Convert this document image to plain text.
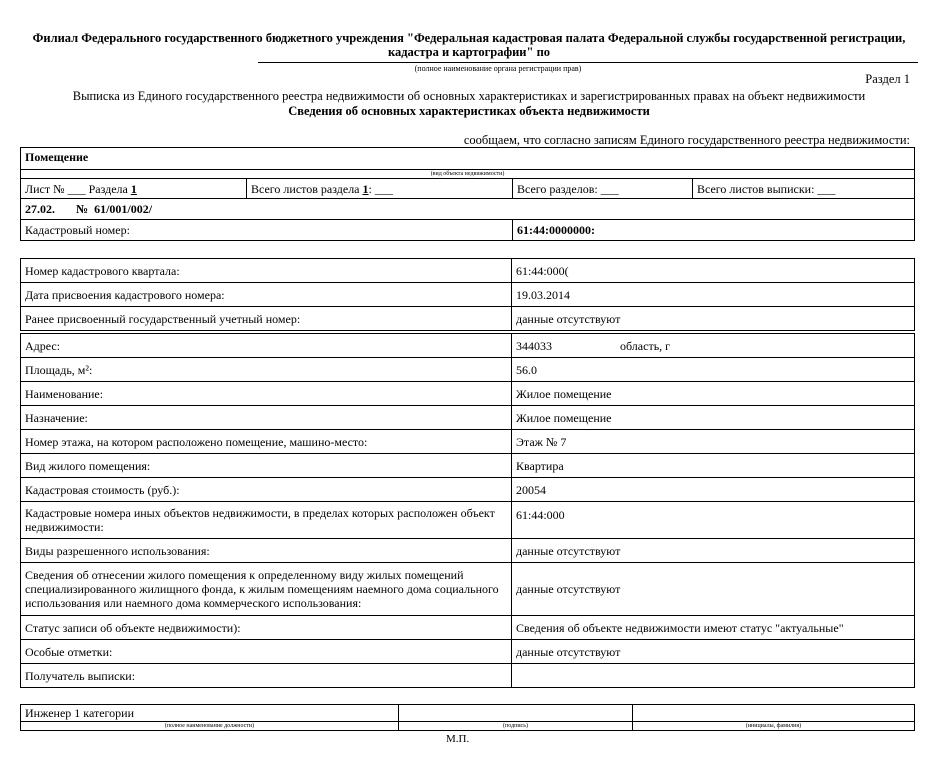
Филиал Федерального государственного бюджетного учреждения "Федеральная кадастровая палата Федеральной службы государственной регистрации, кадастра и картографии" по
(полное наименование органа регистрации прав)
Раздел 1
Выписка из Единого государственного реестра недвижимости об основных характеристиках и зарегистрированных правах на объект недвижимости
Сведения об основных характеристиках объекта недвижимости
сообщаем, что согласно записям Единого государственного реестра недвижимости:
Помещение			
(вид объекта недвижимости)			
Лист № ___ Раздела 1	Всего листов раздела 1: ___	Всего разделов: ___	Всего листов выписки: ___
27.02. № 61/001/002/			
Кадастровый номер:		61:44:0000000:	
Номер кадастрового квартала:	61:44:000(
Дата присвоения кадастрового номера:	19.03.2014
Ранее присвоенный государственный учетный номер:	данные отсутствуют
Адрес:	344033 область, г
Площадь, м²:	56.0
Наименование:	Жилое помещение
Назначение:	Жилое помещение
Номер этажа, на котором расположено помещение, машино-место:	Этаж № 7
Вид жилого помещения:	Квартира
Кадастровая стоимость (руб.):	20054
Кадастровые номера иных объектов недвижимости, в пределах которых расположен объект недвижимости:	61:44:000
Виды разрешенного использования:	данные отсутствуют
Сведения об отнесении жилого помещения к определенному виду жилых помещений специализированного жилищного фонда, к жилым помещениям наемного дома социального использования или наемного дома коммерческого использования:	данные отсутствуют
Статус записи об объекте недвижимости):	Сведения об объекте недвижимости имеют статус "актуальные"
Особые отметки:	данные отсутствуют
Получатель выписки:	
Инженер 1 категории		
(полное наименование должности)	(подпись)	(инициалы, фамилия)
М.П.
